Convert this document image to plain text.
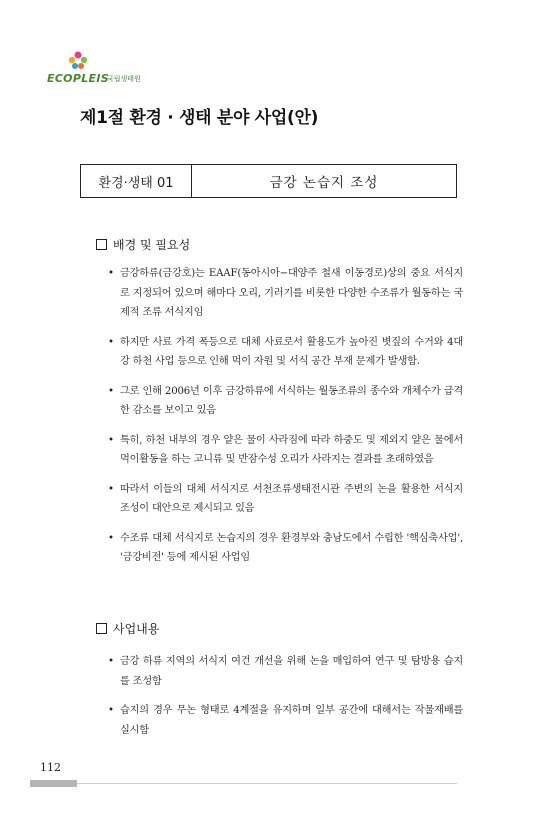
ECOPLEIS
국립생태원
제1절 환경 · 생태 분야 사업(안)
환경·생태 01	금강 논습지 조성
배경 및 필요성
• 금강하류(금강호)는 EAAF(동아시아−대양주 철새 이동경로)상의 중요 서식지로 지정되어 있으며 해마다 오리, 기러기를 비롯한 다양한 수조류가 월동하는 국제적 조류 서식지임
• 하지만 사료 가격 폭등으로 대체 사료로서 활용도가 높아진 볏짚의 수거와 4대강 하천 사업 등으로 인해 먹이 자원 및 서식 공간 부재 문제가 발생함.
• 그로 인해 2006년 이후 금강하류에 서식하는 월동조류의 종수와 개체수가 급격한 감소를 보이고 있음
• 특히, 하천 내부의 경우 얕은 물이 사라짐에 따라 하중도 및 제외지 얕은 물에서 먹이활동을 하는 고니류 및 반잠수성 오리가 사라지는 결과를 초래하였음
• 따라서 이들의 대체 서식지로 서천조류생태전시관 주변의 논을 활용한 서식지 조성이 대안으로 제시되고 있음
• 수조류 대체 서식지로 논습지의 경우 환경부와 충남도에서 수립한 '핵심축사업', '금강비전' 등에 제시된 사업임
사업내용
• 금강 하류 지역의 서식지 여건 개선을 위해 논을 매입하여 연구 및 탐방용 습지를 조성함
• 습지의 경우 무논 형태로 4계절을 유지하며 일부 공간에 대해서는 작물재배를 실시함
112
